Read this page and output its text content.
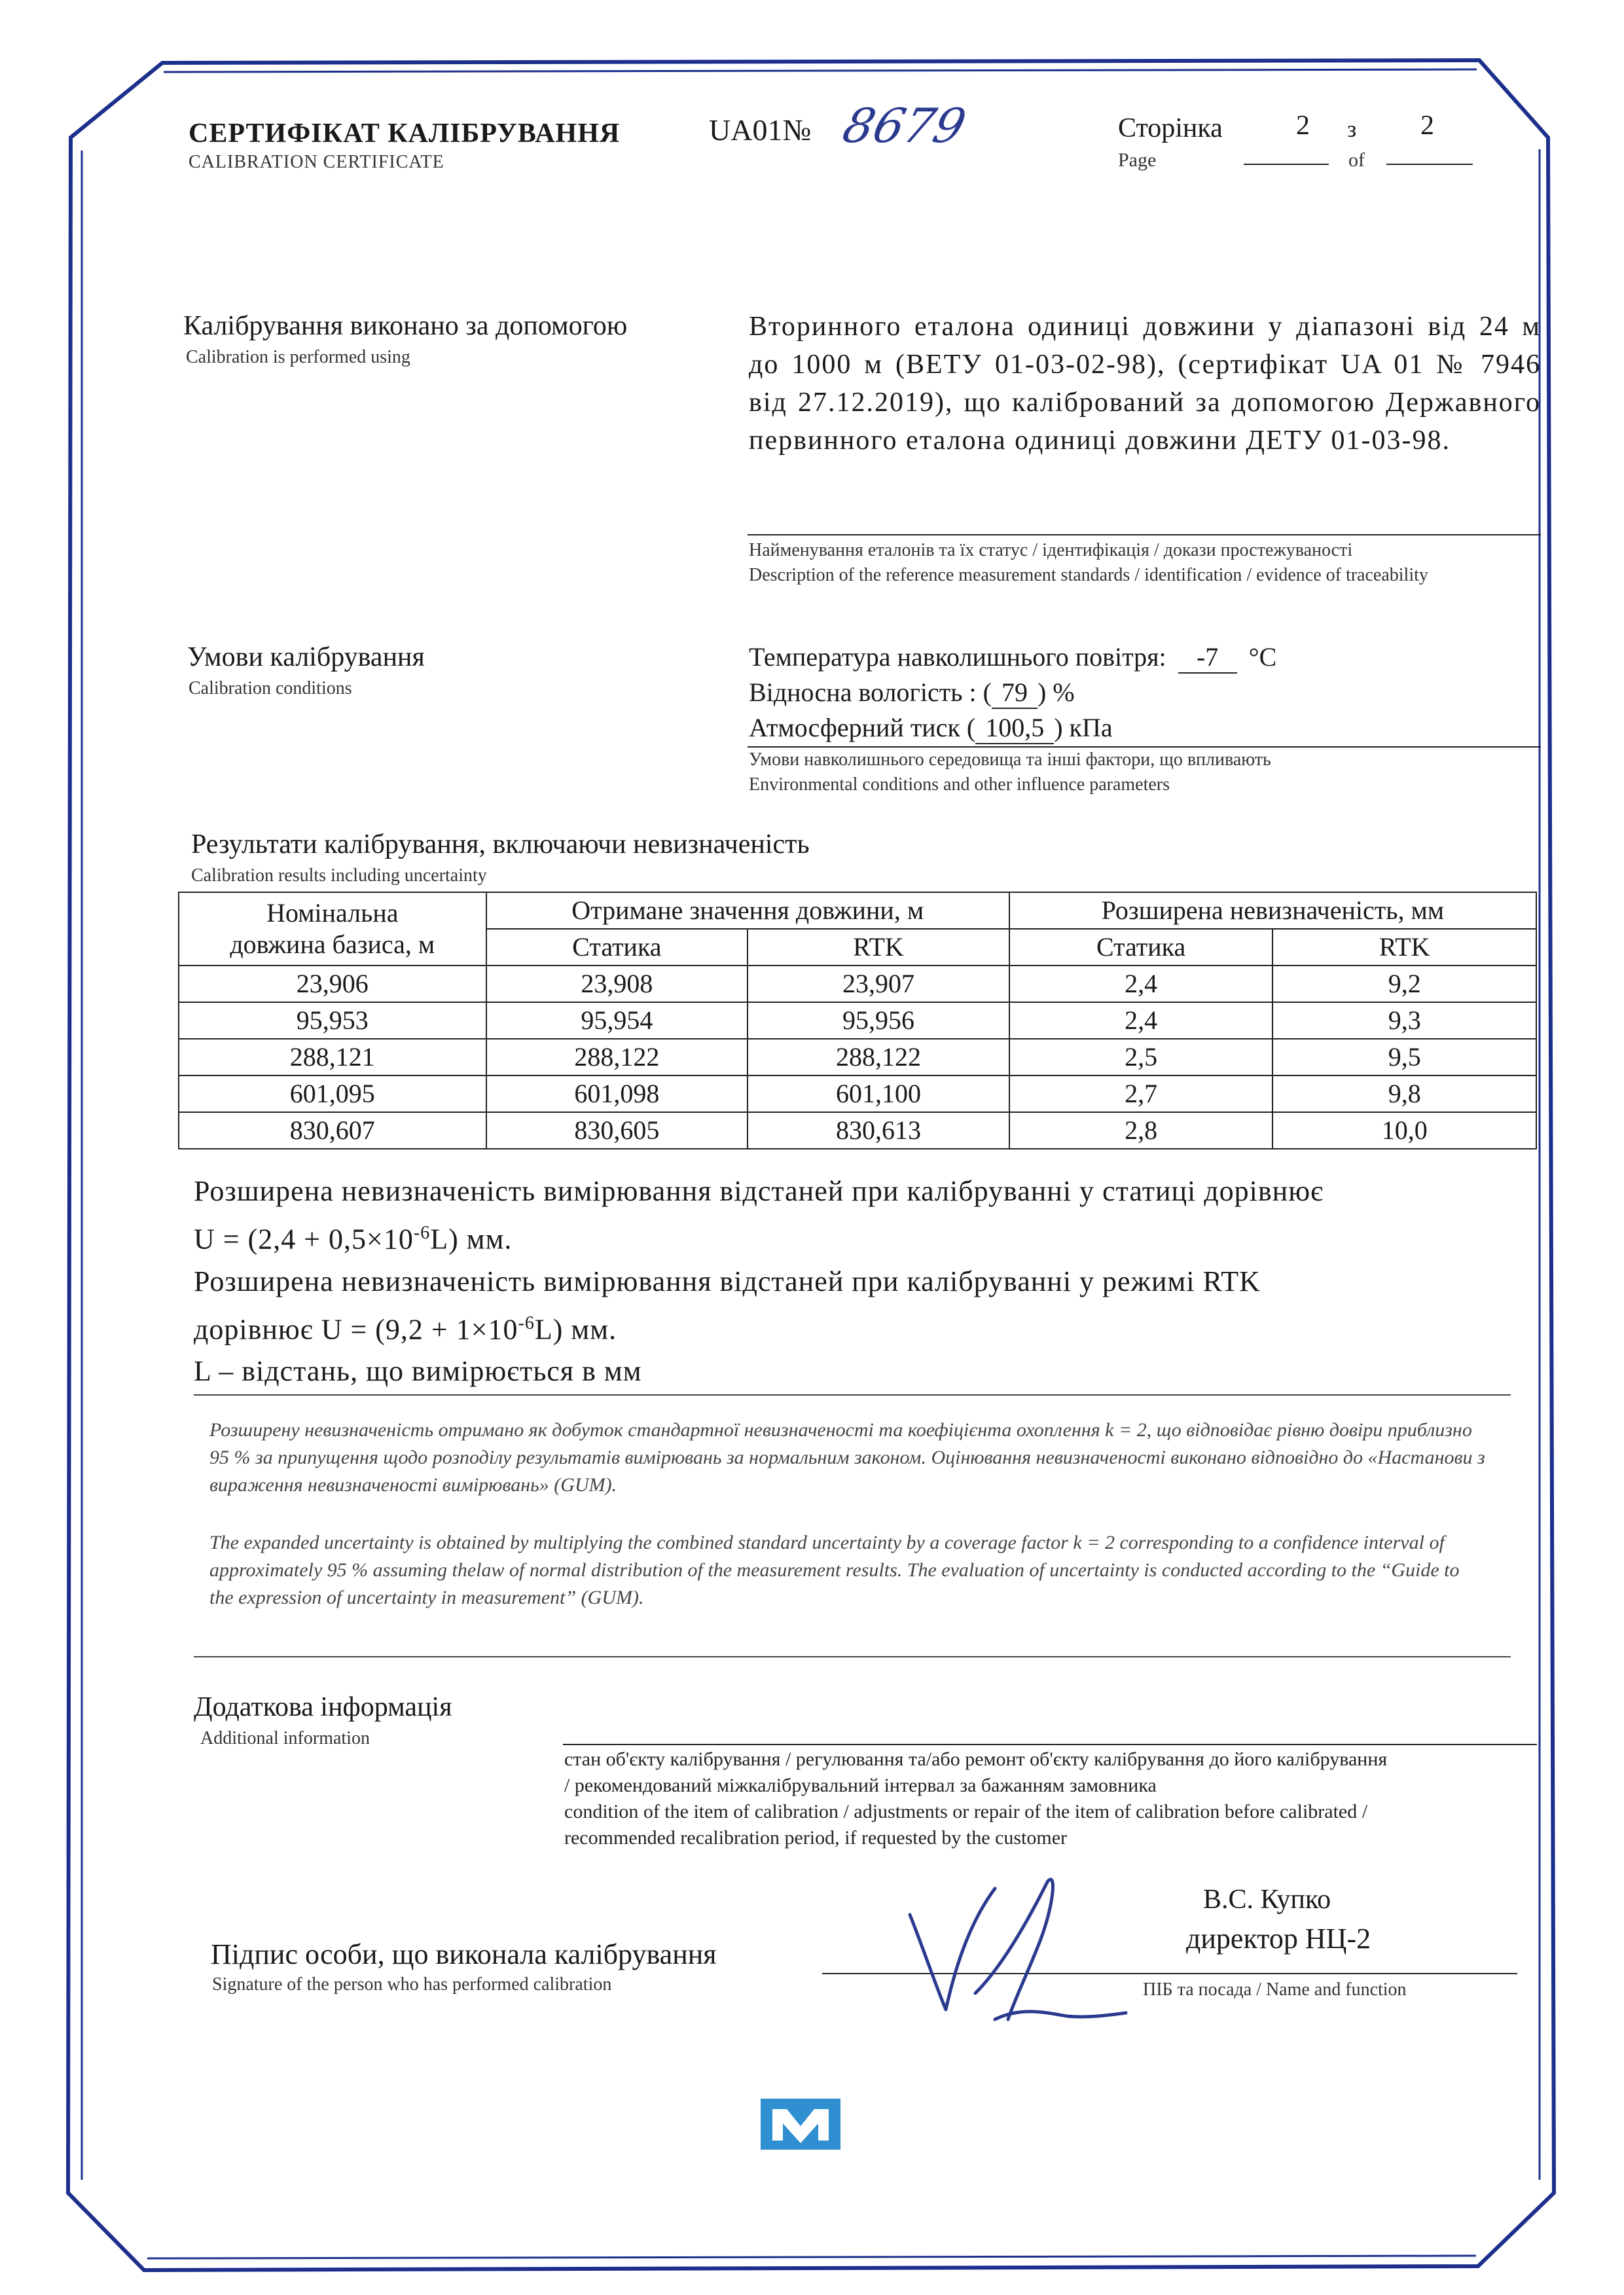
СЕРТИФІКАТ КАЛІБРУВАННЯ
CALIBRATION CERTIFICATE
UA01№ 8679	Сторінка
Page
2 з
of
2
Калібрування виконано за допомогою
Calibration is performed using
Вторинного еталона одиниці довжини у діапазоні від 24 м до 1000 м (ВЕТУ 01-03-02-98), (сертифікат UA 01 № 7946 від 27.12.2019), що калібрований за допомогою Державного первинного еталона одиниці довжини ДЕТУ 01-03-98.
Найменування еталонів та їх статус / ідентифікація / докази простежуваності
Description of the reference measurement standards / identification / evidence of traceability
Умови калібрування
Calibration conditions
Температура навколишнього повітря: -7 °С
Відносна вологість : ( 79 ) %
Атмосферний тиск ( 100,5 ) кПа
Умови навколишнього середовища та інші фактори, що впливають
Environmental conditions and other influence parameters
Результати калібрування, включаючи невизначеність
Calibration results including uncertainty
Номінальна
довжина базиса, м	Отримане значення довжини, м		Розширена невизначеність, мм	
	Статика	RTK	Статика	RTK
23,906	23,908	23,907	2,4	9,2
95,953	95,954	95,956	2,4	9,3
288,121	288,122	288,122	2,5	9,5
601,095	601,098	601,100	2,7	9,8
830,607	830,605	830,613	2,8	10,0
Розширена невизначеність вимірювання відстаней при калібруванні у статиці дорівнює
$U = (2,4 + 0,5\times 10^{-6}L)$ мм.
Розширена невизначеність вимірювання відстаней при калібруванні у режимі RTK
дорівнює $U = (9,2 + 1\times 10^{-6}L)$ мм.
L – відстань, що вимірюється в мм
Розширену невизначеність отримано як добуток стандартної невизначеності та коефіцієнта охоплення k = 2, що відповідає рівню довіри приблизно 95 % за припущення щодо розподілу результатів вимірювань за нормальним законом. Оцінювання невизначеності виконано відповідно до «Настанови з вираження невизначеності вимірювань» (GUM).
The expanded uncertainty is obtained by multiplying the combined standard uncertainty by a coverage factor k = 2 corresponding to a confidence interval of approximately 95 % assuming thelaw of normal distribution of the measurement results. The evaluation of uncertainty is conducted according to the “Guide to the expression of uncertainty in measurement” (GUM).
Додаткова інформація
Additional information
стан об'єкту калібрування / регулювання та/або ремонт об'єкту калібрування до його калібрування
/ рекомендований міжкалібрувальний інтервал за бажанням замовника
condition of the item of calibration / adjustments or repair of the item of calibration before calibrated /
recommended recalibration period, if requested by the customer
Підпис особи, що виконала калібрування
Signature of the person who has performed calibration
В.С. Купко
директор НЦ-2
ПІБ та посада / Name and function
